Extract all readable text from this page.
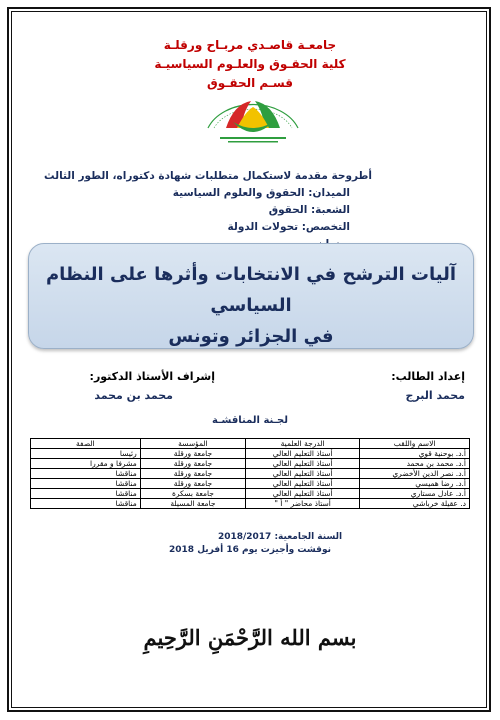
جامعـة قاصـدي مربـاح ورقلـة
كلية الحقـوق والعلـوم السياسيـة
قسـم الحقـوق
أطروحة مقدمة لاستكمال متطلبات شهادة دكتوراه، الطور الثالث
الميدان: الحقوق والعلوم السياسية
الشعبة: الحقوق
التخصص: تحولات الدولة
آليات الترشح في الانتخابات وأثرها على النظام السياسي
في الجزائر وتونس
إعداد الطالب:
محمد البرج
إشراف الأستاذ الدكتور:
محمد بن محمد
لجـنة المناقشـة
الاسم واللقب	الدرجة العلمية	المؤسسة	الصفة
أ.د. بوحنية قوي	أستاذ التعليم العالي	جامعة ورقلة	رئيسا
أ.د. محمد بن محمد	أستاذ التعليم العالي	جامعة ورقلة	مشرفا و مقررا
أ.د. نصر الدين الأخضري	أستاذ التعليم العالي	جامعة ورقلة	مناقشا
أ.د. رضا هميسي	أستاذ التعليم العالي	جامعة ورقلة	مناقشا
أ.د. عادل مستاري	أستاذ التعليم العالي	جامعة بسكرة	مناقشا
د. عقيلة خرباشي	أستاذ محاضر " أ "	جامعة المسيلة	مناقشا
السنة الجامعية: 2018/2017
نوقشت وأجيزت يوم 16 أفريل 2018
بسم الله الرَّحْمَنِ الرَّحِيمِ
